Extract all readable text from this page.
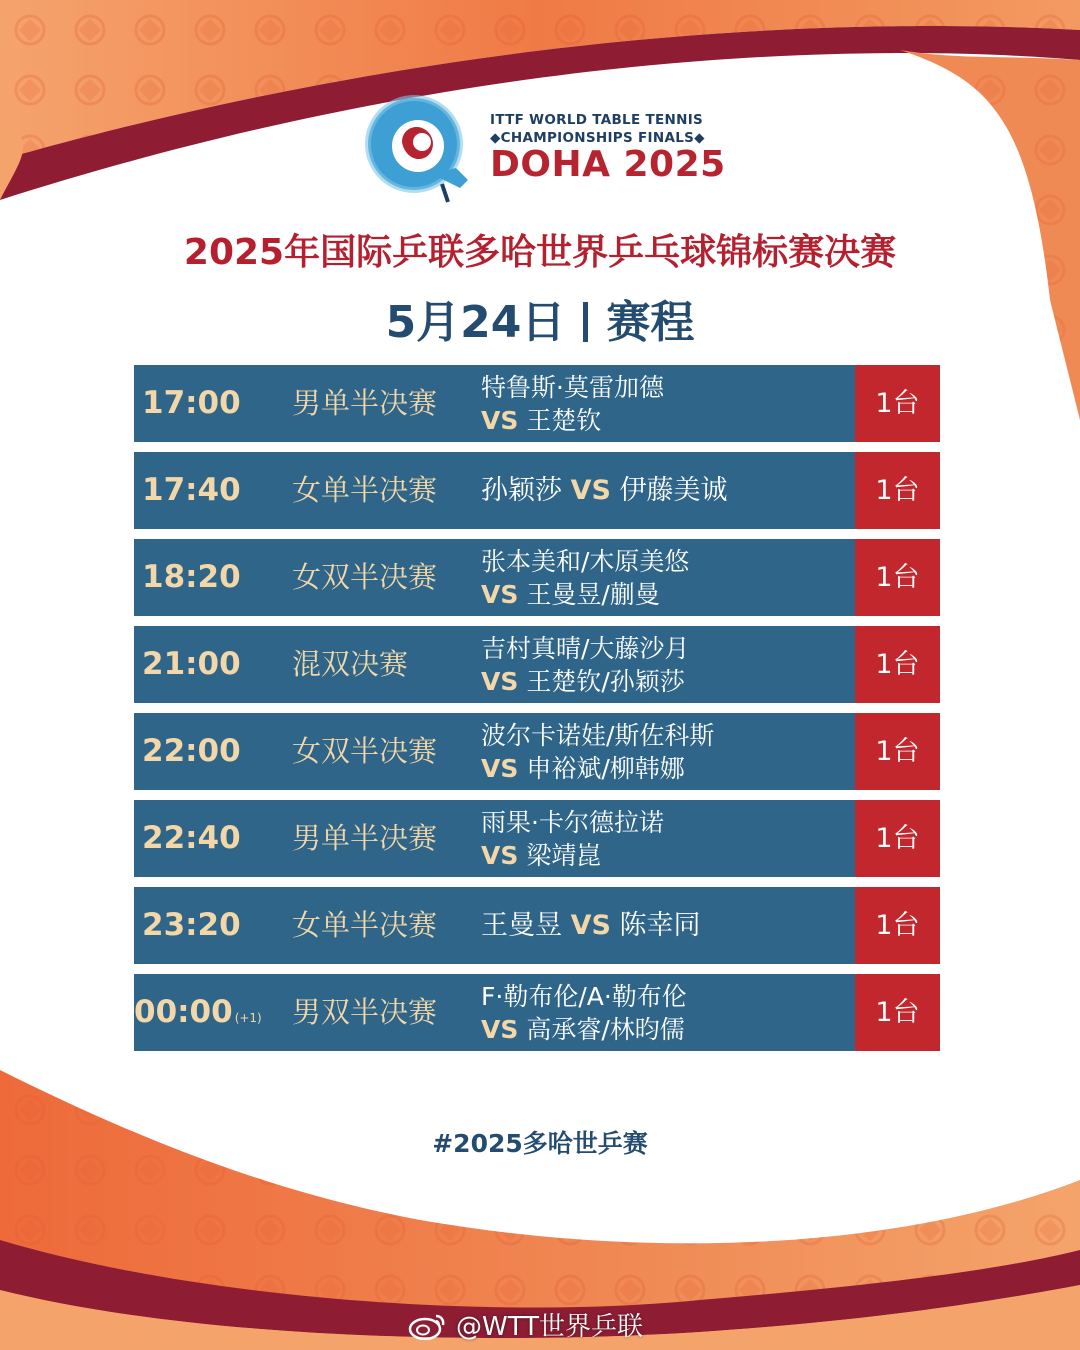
ITTF WORLD TABLE TENNIS
◆CHAMPIONSHIPS FINALS◆
DOHA 2025
2025年国际乒联多哈世界乒乓球锦标赛决赛
5月24日 赛程
17:00 男单半决赛 特鲁斯·莫雷加德
VS 王楚钦
1台
17:40 女单半决赛 孙颖莎 VS 伊藤美诚	1台
18:20 女双半决赛 张本美和/木原美悠
VS 王曼昱/蒯曼
1台
21:00 混双决赛	吉村真晴/大藤沙月
VS 王楚钦/孙颖莎
1台
22:00 女双半决赛 波尔卡诺娃/斯佐科斯
VS 申裕斌/柳韩娜
1台
22:40 男单半决赛 雨果·卡尔德拉诺
VS 梁靖崑
1台
23:20 女单半决赛 王曼昱 VS 陈幸同	1台
00:00 (+1) 男双半决赛 F·勒布伦/A·勒布伦
VS 高承睿/林昀儒
1台
#2025多哈世乒赛
@WTT世界乒联
